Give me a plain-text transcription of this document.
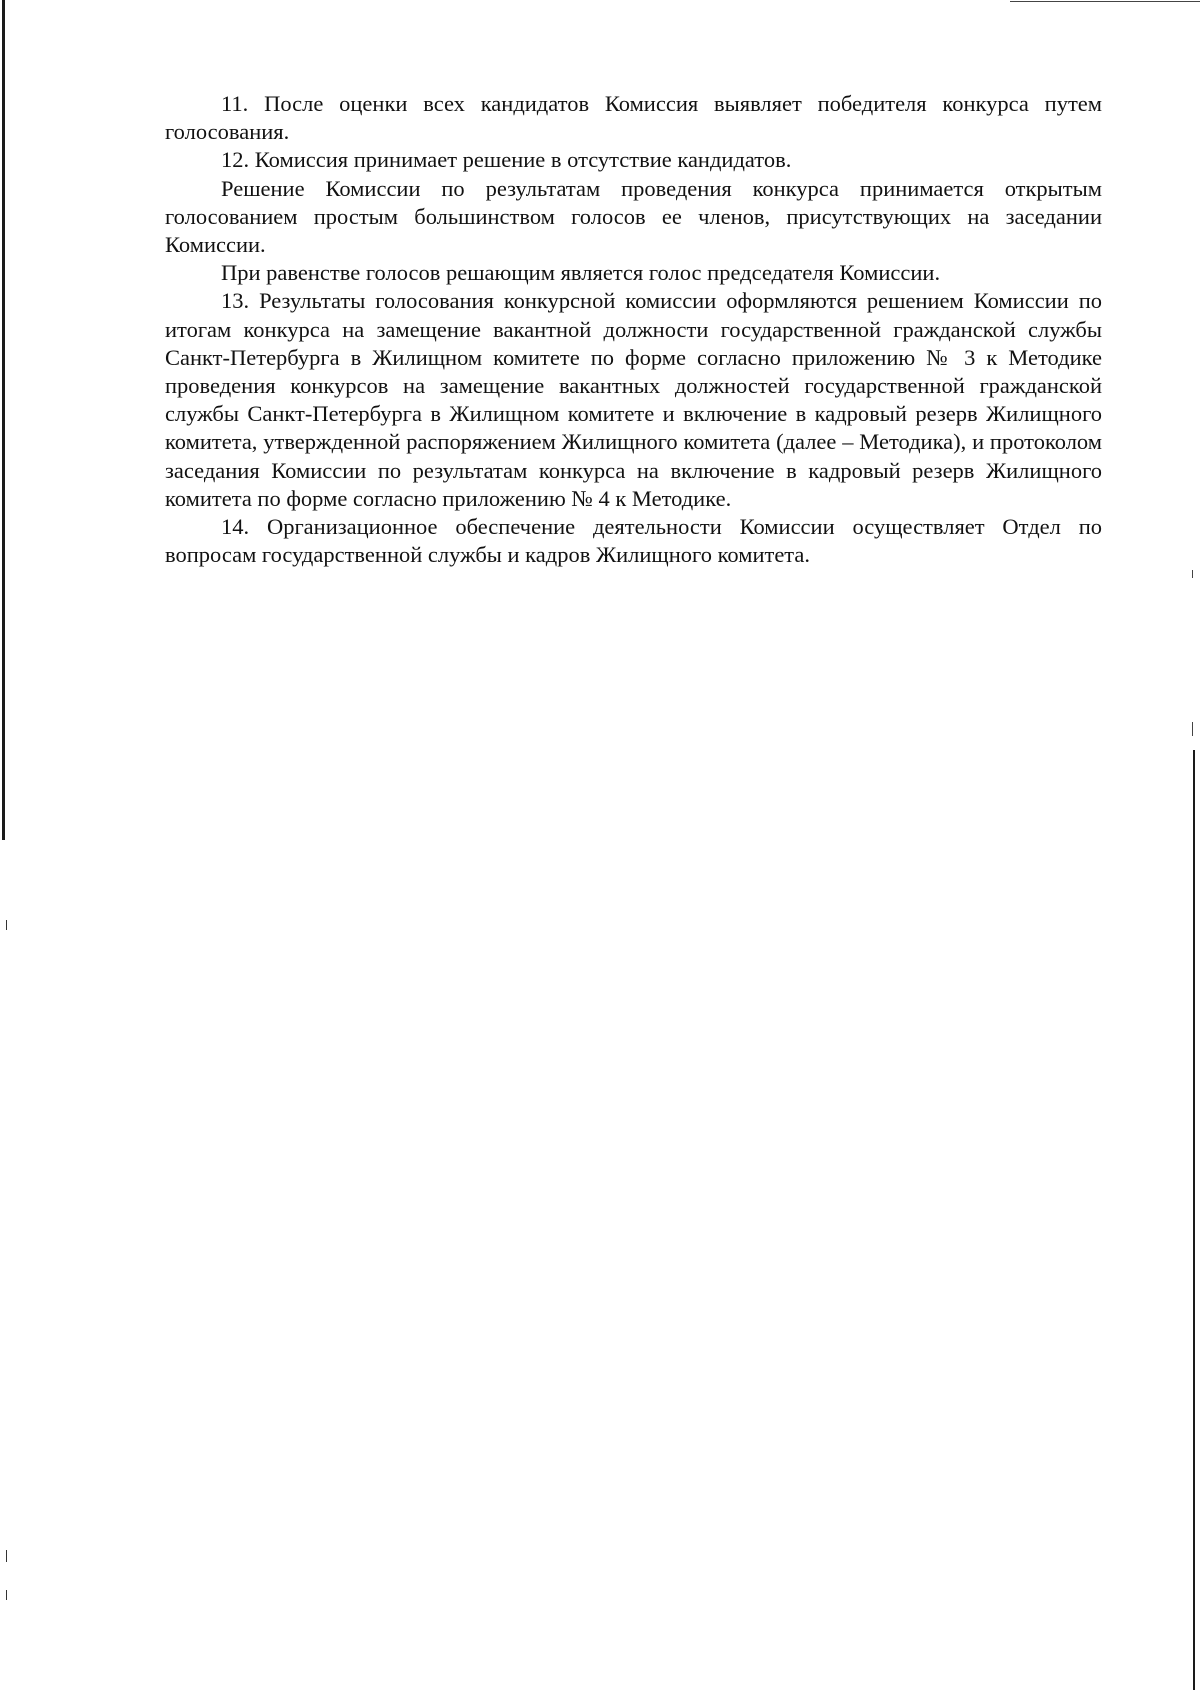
11. После оценки всех кандидатов Комиссия выявляет победителя конкурса путем голосования.

12. Комиссия принимает решение в отсутствие кандидатов.

Решение Комиссии по результатам проведения конкурса принимается открытым голосованием простым большинством голосов ее членов, присутствующих на заседании Комиссии.

При равенстве голосов решающим является голос председателя Комиссии.

13. Результаты голосования конкурсной комиссии оформляются решением Комиссии по итогам конкурса на замещение вакантной должности государственной гражданской службы Санкт-Петербурга в Жилищном комитете по форме согласно приложению № 3 к Методике проведения конкурсов на замещение вакантных должностей государственной гражданской службы Санкт-Петербурга в Жилищном комитете и включение в кадровый резерв Жилищного комитета, утвержденной распоряжением Жилищного комитета (далее – Методика), и протоколом заседания Комиссии по результатам конкурса на включение в кадровый резерв Жилищного комитета по форме согласно приложению № 4 к Методике.

14. Организационное обеспечение деятельности Комиссии осуществляет Отдел по вопросам государственной службы и кадров Жилищного комитета.
